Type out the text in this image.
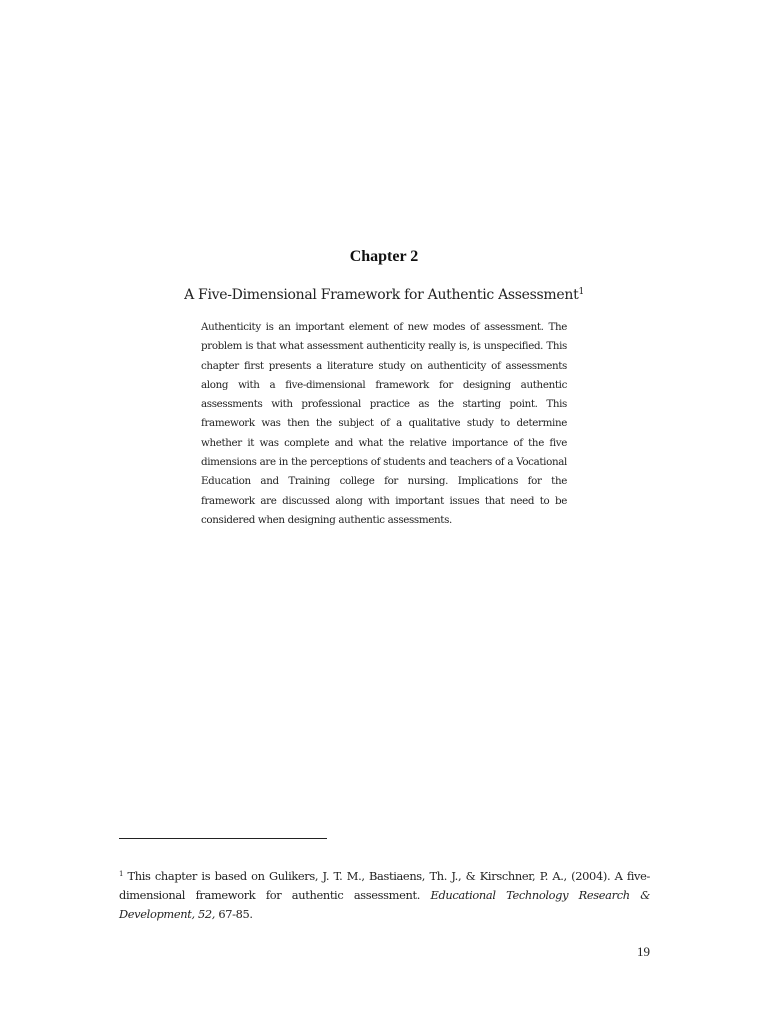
Chapter 2
A Five-Dimensional Framework for Authentic Assessment$^1$
Authenticity is an important element of new modes of assessment. The problem is that what assessment authenticity really is, is unspecified. This chapter first presents a literature study on authenticity of assessments along with a five-dimensional framework for designing authentic assessments with professional practice as the starting point. This framework was then the subject of a qualitative study to determine whether it was complete and what the relative importance of the five dimensions are in the perceptions of students and teachers of a Vocational Education and Training college for nursing. Implications for the framework are discussed along with important issues that need to be considered when designing authentic assessments.
$^1$ This chapter is based on Gulikers, J. T. M., Bastiaens, Th. J., & Kirschner, P. A., (2004). A five-dimensional framework for authentic assessment. Educational Technology Research & Development, 52, 67-85.
19
